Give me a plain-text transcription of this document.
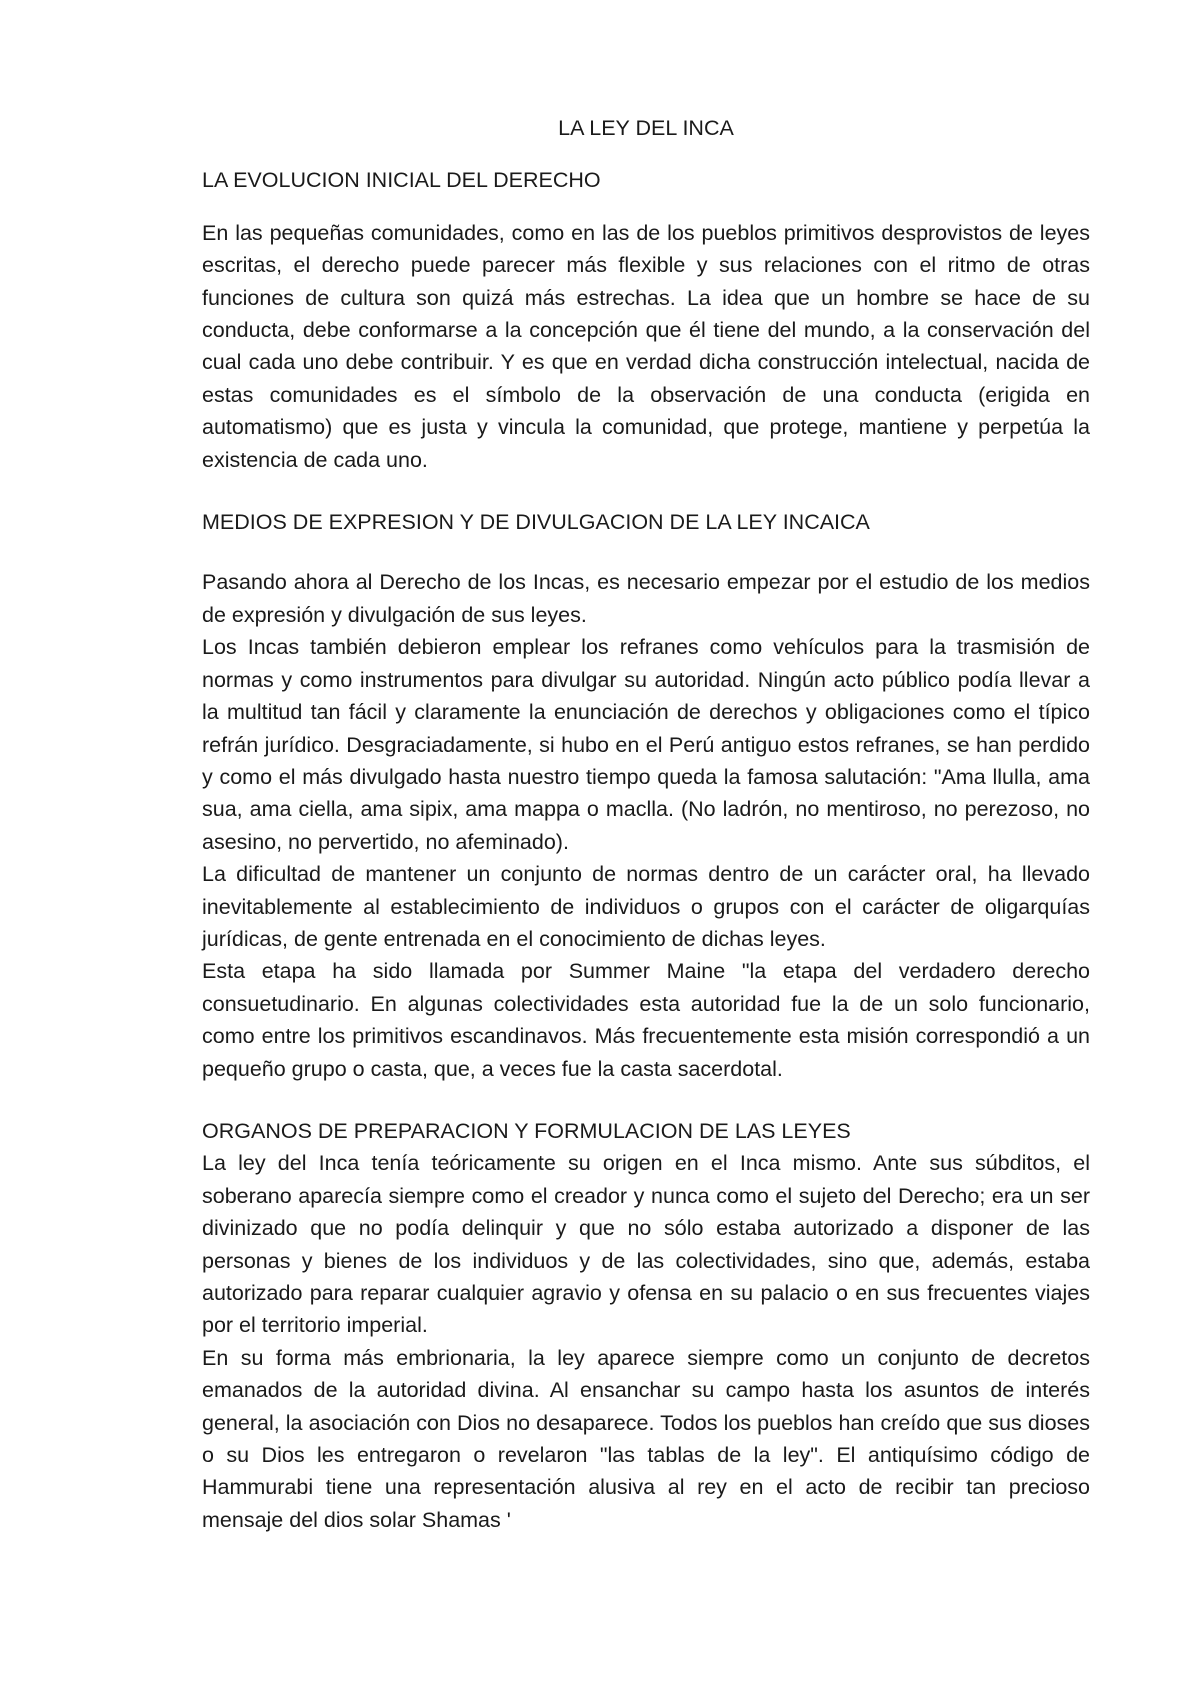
LA LEY DEL INCA
LA EVOLUCION INICIAL DEL DERECHO

En las pequeñas comunidades, como en las de los pueblos primitivos desprovistos de leyes escritas, el derecho puede parecer más flexible y sus relaciones con el ritmo de otras funciones de cultura son quizá más estrechas. La idea que un hombre se hace de su conducta, debe conformarse a la concepción que él tiene del mundo, a la conservación del cual cada uno debe contribuir. Y es que en verdad dicha construcción intelectual, nacida de estas comunidades es el símbolo de la observación de una conducta (erigida en automatismo) que es justa y vincula la comunidad, que protege, mantiene y perpetúa la existencia de cada uno.

MEDIOS DE EXPRESION Y DE DIVULGACION DE LA LEY INCAICA

Pasando ahora al Derecho de los Incas, es necesario empezar por el estudio de los medios de expresión y divulgación de sus leyes.

Los Incas también debieron emplear los refranes como vehículos para la trasmisión de normas y como instrumentos para divulgar su autoridad. Ningún acto público podía llevar a la multitud tan fácil y claramente la enunciación de derechos y obligaciones como el típico refrán jurídico. Desgraciadamente, si hubo en el Perú antiguo estos refranes, se han perdido y como el más divulgado hasta nuestro tiempo queda la famosa salutación: "Ama llulla, ama sua, ama ciella, ama sipix, ama mappa o maclla. (No ladrón, no mentiroso, no perezoso, no asesino, no pervertido, no afeminado).

La dificultad de mantener un conjunto de normas dentro de un carácter oral, ha llevado inevitablemente al establecimiento de individuos o grupos con el carácter de oligarquías jurídicas, de gente entrenada en el conocimiento de dichas leyes.

Esta etapa ha sido llamada por Summer Maine "la etapa del verdadero derecho consuetudinario. En algunas colectividades esta autoridad fue la de un solo funcionario, como entre los primitivos escandinavos. Más frecuentemente esta misión correspondió a un pequeño grupo o casta, que, a veces fue la casta sacerdotal.

ORGANOS DE PREPARACION Y FORMULACION DE LAS LEYES

La ley del Inca tenía teóricamente su origen en el Inca mismo. Ante sus súbditos, el soberano aparecía siempre como el creador y nunca como el sujeto del Derecho; era un ser divinizado que no podía delinquir y que no sólo estaba autorizado a disponer de las personas y bienes de los individuos y de las colectividades, sino que, además, estaba autorizado para reparar cualquier agravio y ofensa en su palacio o en sus frecuentes viajes por el territorio imperial.

En su forma más embrionaria, la ley aparece siempre como un conjunto de decretos emanados de la autoridad divina. Al ensanchar su campo hasta los asuntos de interés general, la asociación con Dios no desaparece. Todos los pueblos han creído que sus dioses o su Dios les entregaron o revelaron "las tablas de la ley". El antiquísimo código de Hammurabi tiene una representación alusiva al rey en el acto de recibir tan precioso mensaje del dios solar Shamas '
